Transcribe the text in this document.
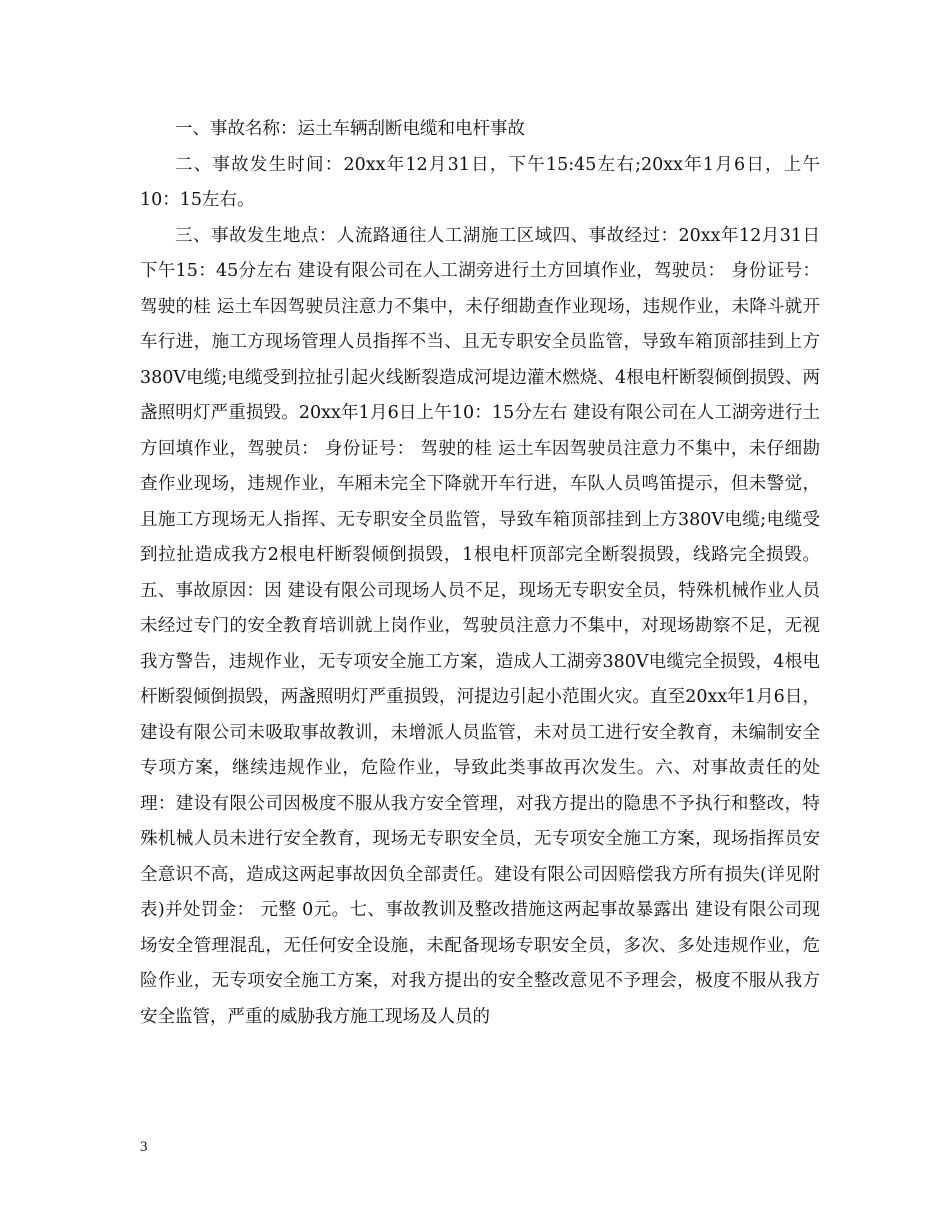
一、事故名称：运土车辆刮断电缆和电杆事故

二、事故发生时间：20xx年12月31日，下午15:45左右;20xx年1月6日，上午10：15左右。

三、事故发生地点：人流路通往人工湖施工区域四、事故经过：20xx年12月31日下午15：45分左右 建设有限公司在人工湖旁进行土方回填作业，驾驶员： 身份证号： 驾驶的桂 运土车因驾驶员注意力不集中，未仔细勘查作业现场，违规作业，未降斗就开车行进，施工方现场管理人员指挥不当、且无专职安全员监管，导致车箱顶部挂到上方380V电缆;电缆受到拉扯引起火线断裂造成河堤边灌木燃烧、4根电杆断裂倾倒损毁、两盏照明灯严重损毁。20xx年1月6日上午10：15分左右 建设有限公司在人工湖旁进行土方回填作业，驾驶员： 身份证号： 驾驶的桂 运土车因驾驶员注意力不集中，未仔细勘查作业现场，违规作业，车厢未完全下降就开车行进，车队人员鸣笛提示，但未警觉，且施工方现场无人指挥、无专职安全员监管，导致车箱顶部挂到上方380V电缆;电缆受到拉扯造成我方2根电杆断裂倾倒损毁，1根电杆顶部完全断裂损毁，线路完全损毁。五、事故原因：因 建设有限公司现场人员不足，现场无专职安全员，特殊机械作业人员未经过专门的安全教育培训就上岗作业，驾驶员注意力不集中，对现场勘察不足，无视我方警告，违规作业，无专项安全施工方案，造成人工湖旁380V电缆完全损毁，4根电杆断裂倾倒损毁，两盏照明灯严重损毁，河提边引起小范围火灾。直至20xx年1月6日，建设有限公司未吸取事故教训，未增派人员监管，未对员工进行安全教育，未编制安全专项方案，继续违规作业，危险作业，导致此类事故再次发生。六、对事故责任的处理：建设有限公司因极度不服从我方安全管理，对我方提出的隐患不予执行和整改，特殊机械人员未进行安全教育，现场无专职安全员，无专项安全施工方案，现场指挥员安全意识不高，造成这两起事故因负全部责任。建设有限公司因赔偿我方所有损失(详见附表)并处罚金： 元整 0元。七、事故教训及整改措施这两起事故暴露出 建设有限公司现场安全管理混乱，无任何安全设施，未配备现场专职安全员，多次、多处违规作业，危险作业，无专项安全施工方案，对我方提出的安全整改意见不予理会，极度不服从我方安全监管，严重的威胁我方施工现场及人员的

3
